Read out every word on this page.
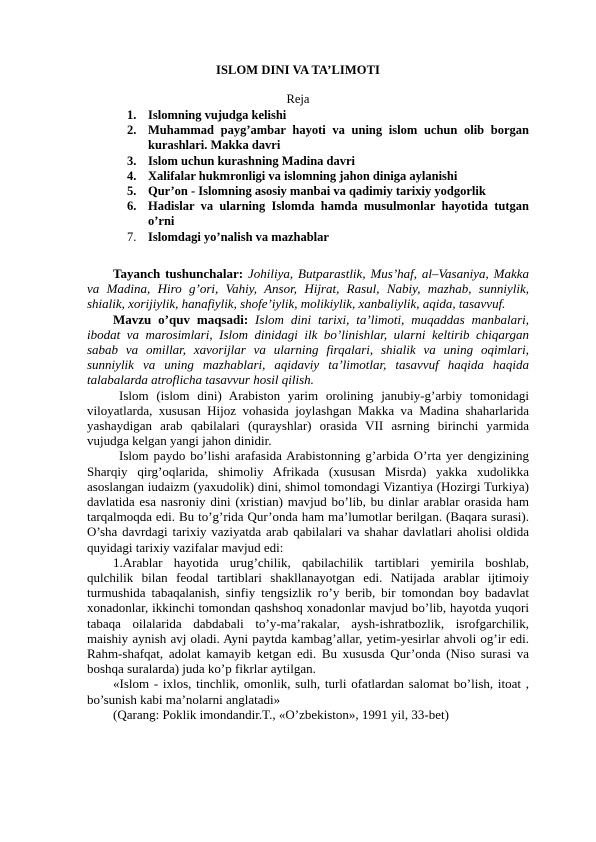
ISLOM DINI VA TA’LIMOTI
Reja
1. Islomning vujudga kelishi
2. Muhammad payg’ambar hayoti va uning islom uchun olib borgan kurashlari. Makka davri
3. Islom uchun kurashning Madina davri
4. Xalifalar hukmronligi va islomning jahon diniga aylanishi
5. Qur’on - Islomning asosiy manbai va qadimiy tarixiy yodgorlik
6. Hadislar va ularning Islomda hamda musulmonlar hayotida tutgan o’rni
7. Islomdagi yo’nalish va mazhablar

Tayanch tushunchalar: Johiliya, Butparastlik, Mus’haf, al–Vasaniya, Makka va Madina, Hiro g’ori, Vahiy, Ansor, Hijrat, Rasul, Nabiy, mazhab, sunniylik, shialik, xorijiylik, hanafiylik, shofe’iylik, molikiylik, xanbaliylik, aqida, tasavvuf.

Mavzu o’quv maqsadi: Islom dini tarixi, ta’limoti, muqaddas manbalari, ibodat va marosimlari, Islom dinidagi ilk bo’linishlar, ularni keltirib chiqargan sabab va omillar, xavorijlar va ularning firqalari, shialik va uning oqimlari, sunniylik va uning mazhablari, aqidaviy ta’limotlar, tasavvuf haqida haqida talabalarda atroflicha tasavvur hosil qilish.

Islom (islom dini) Arabiston yarim orolining janubiy-g’arbiy tomonidagi viloyatlarda, xususan Hijoz vohasida joylashgan Makka va Madina shaharlarida yashaydigan arab qabilalari (qurayshlar) orasida VII asrning birinchi yarmida vujudga kelgan yangi jahon dinidir.

Islom paydo bo’lishi arafasida Arabistonning g’arbida O’rta yer dengizining Sharqiy qirg’oqlarida, shimoliy Afrikada (xususan Misrda) yakka xudolikka asoslangan iudaizm (yaxudolik) dini, shimol tomondagi Vizantiya (Hozirgi Turkiya) davlatida esa nasroniy dini (xristian) mavjud bo’lib, bu dinlar arablar orasida ham tarqalmoqda edi. Bu to’g’rida Qur’onda ham ma’lumotlar berilgan. (Baqara surasi). O’sha davrdagi tarixiy vaziyatda arab qabilalari va shahar davlatlari aholisi oldida quyidagi tarixiy vazifalar mavjud edi:

1.Arablar hayotida urug’chilik, qabilachilik tartiblari yemirila boshlab, qulchilik bilan feodal tartiblari shakllanayotgan edi. Natijada arablar ijtimoiy turmushida tabaqalanish, sinfiy tengsizlik ro’y berib, bir tomondan boy badavlat xonadonlar, ikkinchi tomondan qashshoq xonadonlar mavjud bo’lib, hayotda yuqori tabaqa oilalarida dabdabali to’y-ma’rakalar, aysh-ishratbozlik, isrofgarchilik, maishiy aynish avj oladi. Ayni paytda kambag’allar, yetim-yesirlar ahvoli og’ir edi. Rahm-shafqat, adolat kamayib ketgan edi. Bu xususda Qur’onda (Niso surasi va boshqa suralarda) juda ko’p fikrlar aytilgan.

«Islom - ixlos, tinchlik, omonlik, sulh, turli ofatlardan salomat bo’lish, itoat , bo’sunish kabi ma’nolarni anglatadi»

(Qarang: Poklik imondandir.T., «O’zbekiston», 1991 yil, 33-bet)
